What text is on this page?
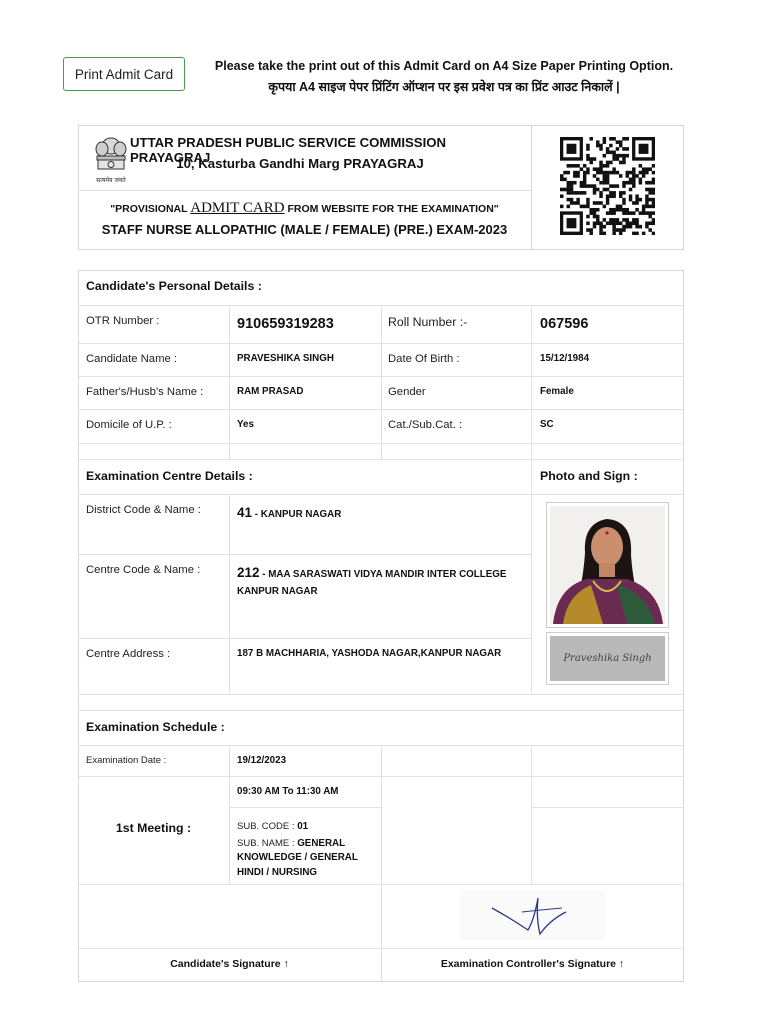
Print Admit Card
Please take the print out of this Admit Card on A4 Size Paper Printing Option.
कृपया A4 साइज पेपर प्रिंटिंग ऑप्शन पर इस प्रवेश पत्र का प्रिंट आउट निकालें |
सत्यमेव जयते
UTTAR PRADESH PUBLIC SERVICE COMMISSION PRAYAGRAJ
10, Kasturba Gandhi Marg PRAYAGRAJ
"PROVISIONAL ADMIT CARD FROM WEBSITE FOR THE EXAMINATION"
STAFF NURSE ALLOPATHIC (MALE / FEMALE) (PRE.) EXAM-2023
Candidate's Personal Details :
OTR Number :	910659319283	Roll Number :-	067596
Candidate Name :	PRAVESHIKA SINGH	Date Of Birth :	15/12/1984
Father's/Husb's Name :	RAM PRASAD	Gender	Female
Domicile of U.P. :	Yes	Cat./Sub.Cat. :	SC
Examination Centre Details :	Photo and Sign :
District Code & Name :	41 - KANPUR NAGAR
Centre Code & Name :	212 - MAA SARASWATI VIDYA MANDIR INTER COLLEGE
KANPUR NAGAR
Centre Address :	187 B MACHHARIA, YASHODA NAGAR,KANPUR NAGAR	Praveshika Singh
Examination Schedule :
Examination Date :	19/12/2023
1st Meeting :
09:30 AM To 11:30 AM
SUB. CODE : 01
SUB. NAME : GENERAL
KNOWLEDGE / GENERAL
HINDI / NURSING
Candidate's Signature ↑	Examination Controller's Signature ↑
